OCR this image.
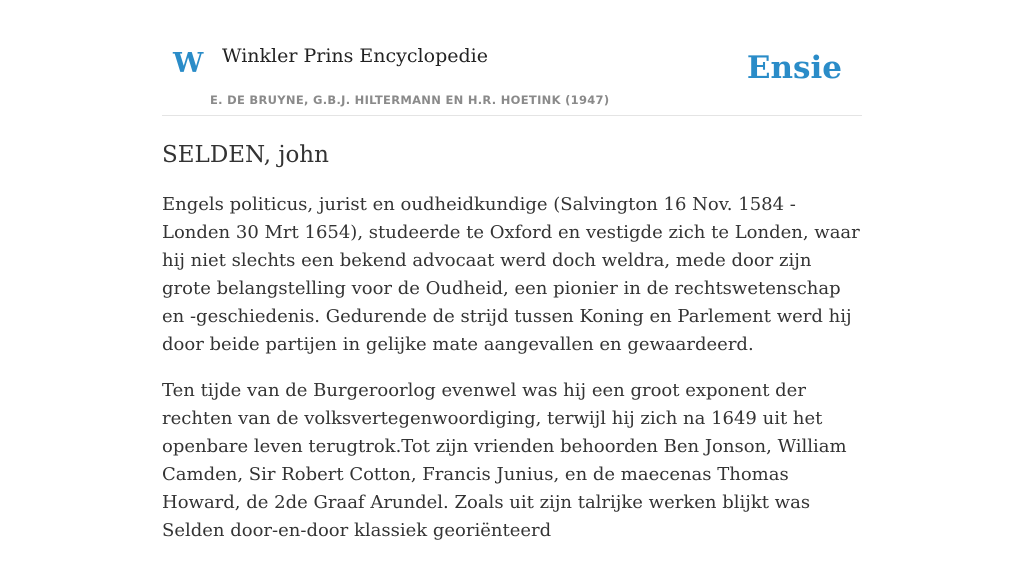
W Winkler Prins Encyclopedie
E. DE BRUYNE, G.B.J. HILTERMANN EN H.R. HOETINK (1947)
Ensie
SELDEN, john

Engels politicus, jurist en oudheidkundige (Salvington 16 Nov. 1584 - Londen 30 Mrt 1654), studeerde te Oxford en vestigde zich te Londen, waar hij niet slechts een bekend advocaat werd doch weldra, mede door zijn grote belangstelling voor de Oudheid, een pionier in de rechtswetenschap en -geschiedenis. Gedurende de strijd tussen Koning en Parlement werd hij door beide partijen in gelijke mate aangevallen en gewaardeerd.

Ten tijde van de Burgeroorlog evenwel was hij een groot exponent der rechten van de volksvertegenwoordiging, terwijl hij zich na 1649 uit het openbare leven terugtrok.Tot zijn vrienden behoorden Ben Jonson, William Camden, Sir Robert Cotton, Francis Junius, en de maecenas Thomas Howard, de 2de Graaf Arundel. Zoals uit zijn talrijke werken blijkt was Selden door-en-door klassiek georiënteerd
